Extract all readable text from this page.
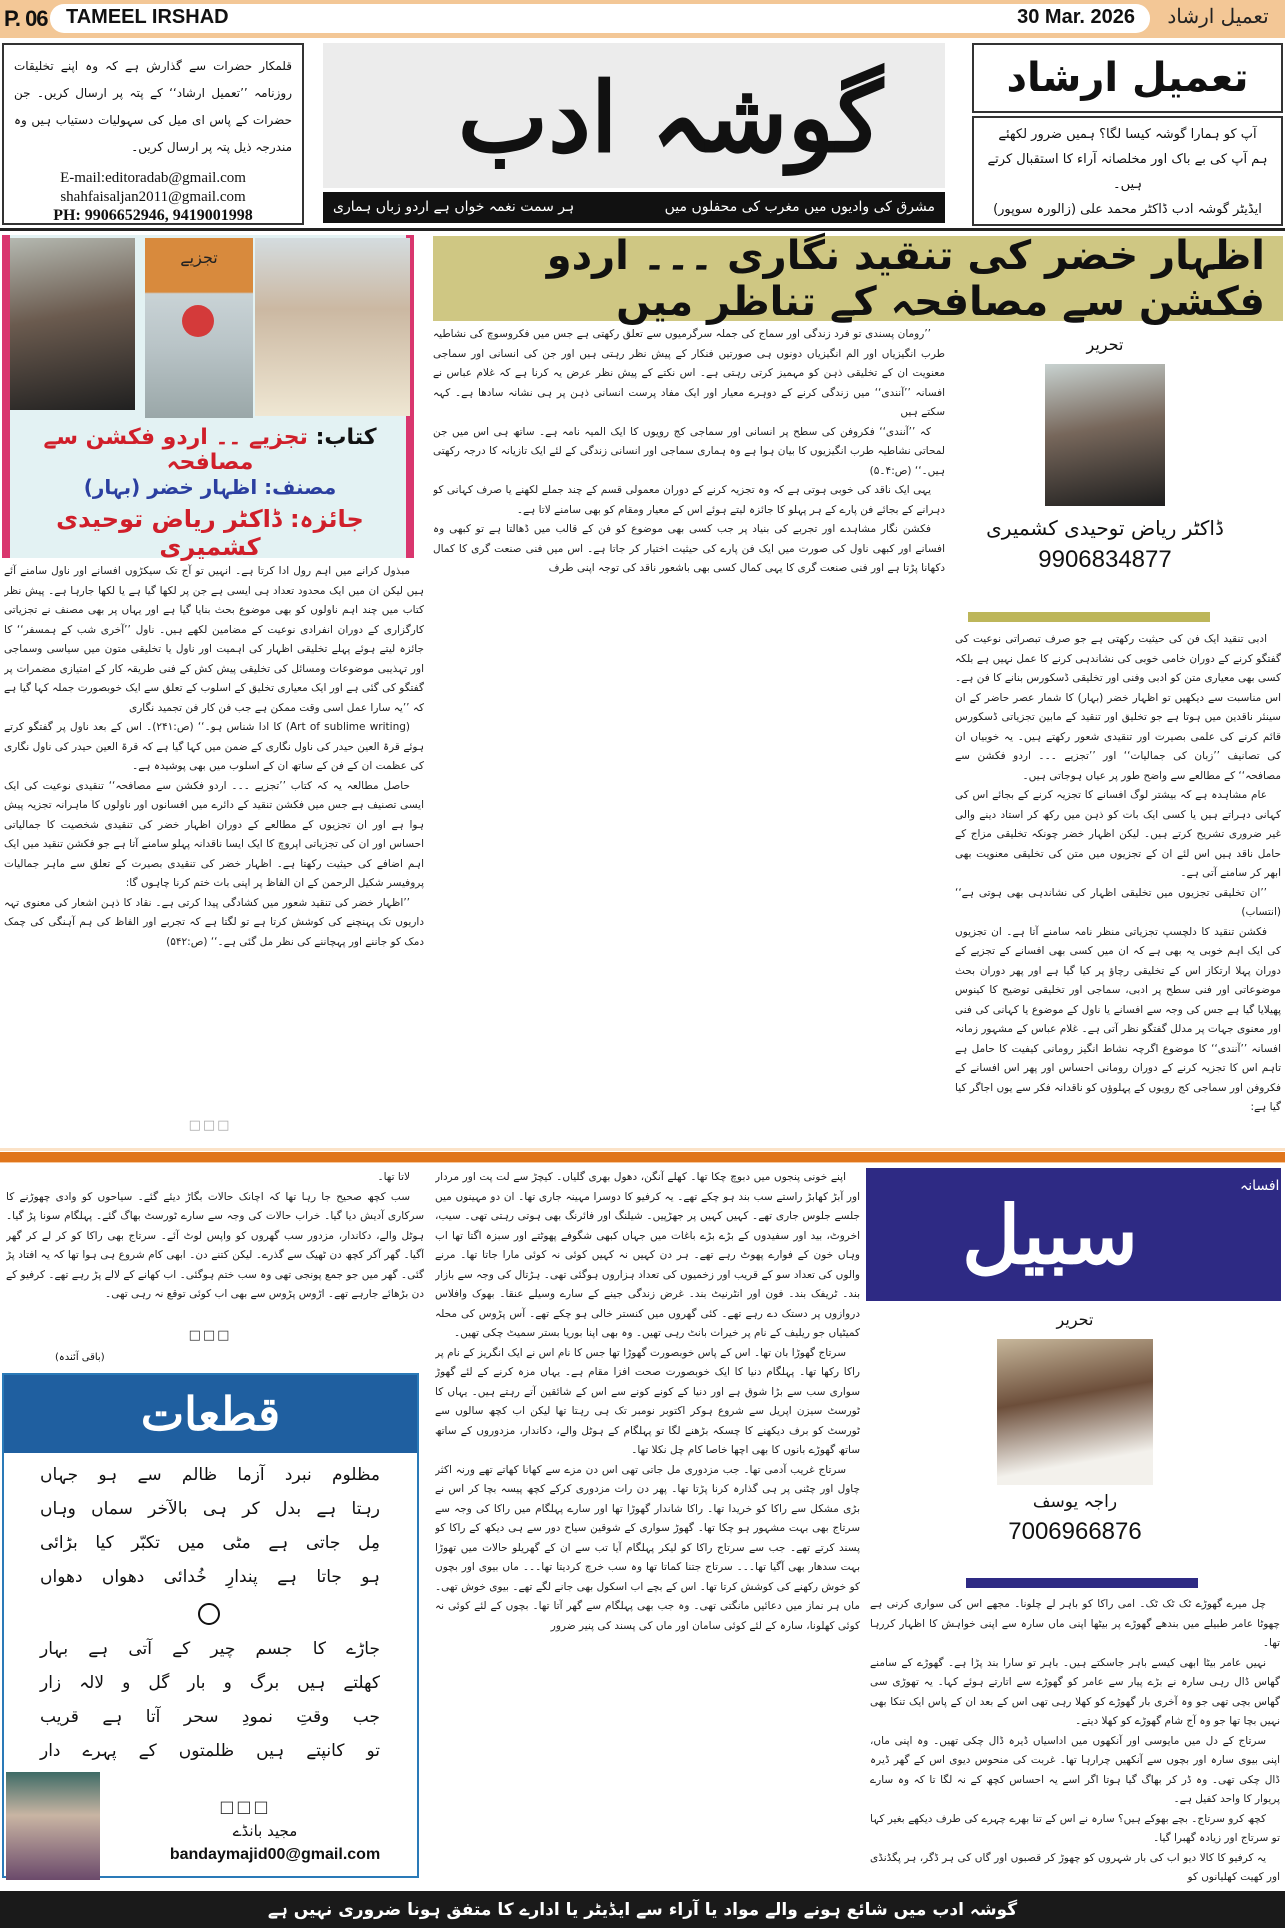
P. 06 TAMEEL IRSHAD	30 Mar. 2026	تعمیل ارشاد
قلمکار حضرات سے گذارش ہے کہ وہ اپنے تخلیقات روزنامہ ’’تعمیل ارشاد‘‘ کے پتہ پر ارسال کریں۔ جن حضرات کے پاس ای میل کی سہولیات دستیاب ہیں وہ مندرجہ ذیل پتہ پر ارسال کریں۔
E-mail:editoradab@gmail.com
shahfaisaljan2011@gmail.com
PH: 9906652946, 9419001998
گوشہ ادب
مشرق کی وادیوں میں مغرب کی محفلوں میں
ہر سمت نغمہ خواں ہے اردو زباں ہماری
تعمیل ارشاد
آپ کو ہمارا گوشہ کیسا لگا؟ ہمیں ضرور لکھئے
ہم آپ کی بے باک اور مخلصانہ آراء کا استقبال کرتے ہیں۔
ایڈیٹر گوشہ ادب ڈاکٹر محمد علی (زالورہ سوپور)
تجزیے
کتاب: تجزیے ۔۔ اردو فکشن سے مصافحہ
مصنف: اظہار خضر (بہار)
جائزہ: ڈاکٹر ریاض توحیدی کشمیری
اظہار خضر کی تنقید نگاری ۔۔۔ اردو فکشن سے مصافحہ کے تناظر میں
تحریر
ڈاکٹر ریاض توحیدی کشمیری
9906834877

ادبی تنقید ایک فن کی حیثیت رکھتی ہے جو صرف تبصراتی نوعیت کی گفتگو کرنے کے دوران خامی خوبی کی نشاندہی کرنے کا عمل نہیں ہے بلکہ کسی بھی معیاری متن کو ادبی وفنی اور تخلیقی ڈسکورس بنانے کا فن ہے۔ اس مناسبت سے دیکھیں تو اظہار خضر (بہار) کا شمار عصر حاضر کے ان سینئر ناقدین میں ہوتا ہے جو تخلیق اور تنقید کے مابین تجزیاتی ڈسکورس قائم کرنے کی علمی بصیرت اور تنقیدی شعور رکھتے ہیں۔ یہ خوبیاں ان کی تصانیف ’’زبان کی جمالیات‘‘ اور ’’تجزیے ۔۔۔ اردو فکشن سے مصافحہ‘‘ کے مطالعے سے واضح طور پر عیاں ہوجاتی ہیں۔

عام مشاہدہ ہے کہ بیشتر لوگ افسانے کا تجزیہ کرنے کے بجائے اس کی کہانی دہراتے ہیں یا کسی ایک بات کو ذہن میں رکھ کر استاد دینے والی غیر ضروری تشریح کرتے ہیں۔ لیکن اظہار خضر چونکہ تخلیقی مزاج کے حامل ناقد ہیں اس لئے ان کے تجزیوں میں متن کی تخلیقی معنویت بھی ابھر کر سامنے آتی ہے۔

’’ان تخلیقی تجزیوں میں تخلیقی اظہار کی نشاندہی بھی ہوتی ہے‘‘ (انتساب)

فکشن تنقید کا دلچسپ تجزیاتی منظر نامہ سامنے آتا ہے۔ ان تجزیوں کی ایک اہم خوبی یہ بھی ہے کہ ان میں کسی بھی افسانے کے تجزیے کے دوران پہلا ارتکاز اس کے تخلیقی رچاؤ پر کیا گیا ہے اور پھر دوران بحث موضوعاتی اور فنی سطح پر ادبی، سماجی اور تخلیقی توضیح کا کینوس پھیلایا گیا ہے جس کی وجہ سے افسانے یا ناول کے موضوع یا کہانی کی فنی اور معنوی جہات پر مدلل گفتگو نظر آتی ہے۔ غلام عباس کے مشہور زمانہ افسانہ ’’آنندی‘‘ کا موضوع اگرچہ نشاط انگیز رومانی کیفیت کا حامل ہے تاہم اس کا تجزیہ کرنے کے دوران رومانی احساس اور پھر اس افسانے کے فکروفن اور سماجی کج رویوں کے پہلوؤں کو ناقدانہ فکر سے یوں اجاگر کیا گیا ہے:

’’رومان پسندی تو فرد زندگی اور سماج کی جملہ سرگرمیوں سے تعلق رکھتی ہے جس میں فکروسوچ کی نشاطیہ طرب انگیزیاں اور الم انگیزیاں دونوں ہی صورتیں فنکار کے پیش نظر رہتی ہیں اور جن کی انسانی اور سماجی معنویت ان کے تخلیقی ذہن کو مہمیز کرتی رہتی ہے۔ اس نکتے کے پیش نظر عرض یہ کرنا ہے کہ غلام عباس نے افسانہ ’’آنندی‘‘ میں زندگی کرنے کے دوہرے معیار اور ایک مفاد پرست انسانی ذہن پر ہی نشانہ سادھا ہے۔ کہہ سکتے ہیں

کہ ’’آنندی‘‘ فکروفن کی سطح پر انسانی اور سماجی کج رویوں کا ایک المیہ نامہ ہے۔ ساتھ ہی اس میں جن لمحاتی نشاطیہ طرب انگیزیوں کا بیان ہوا ہے وہ ہماری سماجی اور انسانی زندگی کے لئے ایک تازیانہ کا درجہ رکھتی ہیں۔‘‘ (ص:۴۔۵)

یہی ایک ناقد کی خوبی ہوتی ہے کہ وہ تجزیہ کرنے کے دوران معمولی قسم کے چند جملے لکھنے یا صرف کہانی کو دہرانے کے بجائے فن پارے کے ہر پہلو کا جائزہ لیتے ہوئے اس کے معیار ومقام کو بھی سامنے لاتا ہے۔

فکشن نگار مشاہدے اور تجربے کی بنیاد پر جب کسی بھی موضوع کو فن کے قالب میں ڈھالتا ہے تو کبھی وہ افسانے اور کبھی ناول کی صورت میں ایک فن پارے کی حیثیت اختیار کر جاتا ہے۔ اس میں فنی صنعت گری کا کمال دکھانا پڑتا ہے اور فنی صنعت گری کا یہی کمال کسی بھی باشعور ناقد کی توجہ اپنی طرف

مبذول کرانے میں اہم رول ادا کرتا ہے۔ انہیں تو آج تک سیکڑوں افسانے اور ناول سامنے آئے ہیں لیکن ان میں ایک محدود تعداد ہی ایسی ہے جن پر لکھا گیا ہے یا لکھا جارہا ہے۔ پیش نظر کتاب میں چند اہم ناولوں کو بھی موضوع بحث بنایا گیا ہے اور یہاں پر بھی مصنف نے تجزیاتی کارگزاری کے دوران انفرادی نوعیت کے مضامین لکھے ہیں۔ ناول ’’آخری شب کے ہمسفر‘‘ کا جائزہ لیتے ہوئے پہلے تخلیقی اظہار کی اہمیت اور ناول یا تخلیقی متون میں سیاسی وسماجی اور تہذیبی موضوعات ومسائل کی تخلیقی پیش کش کے فنی طریقہ کار کے امتیازی مضمرات پر گفتگو کی گئی ہے اور ایک معیاری تخلیق کے اسلوب کے تعلق سے ایک خوبصورت جملہ کہا گیا ہے کہ ’’یہ سارا عمل اسی وقت ممکن ہے جب فن کار فن تجمید نگاری

(Art of sublime writing) کا ادا شناس ہو۔‘‘ (ص:۲۴۱)۔ اس کے بعد ناول پر گفتگو کرتے ہوئے قرۃ العین حیدر کی ناول نگاری کے ضمن میں کہا گیا ہے کہ قرۃ العین حیدر کی ناول نگاری کی عظمت ان کے فن کے ساتھ ان کے اسلوب میں بھی پوشیدہ ہے۔

حاصل مطالعہ یہ کہ کتاب ’’تجزیے ۔۔۔ اردو فکشن سے مصافحہ‘‘ تنقیدی نوعیت کی ایک ایسی تصنیف ہے جس میں فکشن تنقید کے دائرے میں افسانوں اور ناولوں کا ماہرانہ تجزیہ پیش ہوا ہے اور ان تجزیوں کے مطالعے کے دوران اظہار خضر کی تنقیدی شخصیت کا جمالیاتی احساس اور ان کی تجزیاتی اپروچ کا ایک ایسا ناقدانہ پہلو سامنے آتا ہے جو فکشن تنقید میں ایک اہم اضافے کی حیثیت رکھتا ہے۔ اظہار خضر کی تنقیدی بصیرت کے تعلق سے ماہر جمالیات پروفیسر شکیل الرحمن کے ان الفاظ پر اپنی بات ختم کرنا چاہوں گا:

’’اظہار خضر کی تنقید شعور میں کشادگی پیدا کرتی ہے۔ نقاد کا ذہن اشعار کی معنوی تہہ داریوں تک پہنچنے کی کوشش کرتا ہے تو لگتا ہے کہ تجربے اور الفاظ کی ہم آہنگی کی چمک دمک کو جاننے اور پہچاننے کی نظر مل گئی ہے۔‘‘ (ص:۵۴۲)

□□□
افسانہ
سبیل
تحریر
راجہ یوسف
7006966876

چل میرے گھوڑے ٹک ٹک ٹک۔ امی راکا کو باہر لے چلونا۔ مجھے اس کی سواری کرنی ہے چھوٹا عامر طبیلے میں بندھے گھوڑے پر بیٹھا اپنی ماں سارہ سے اپنی خواہش کا اظہار کررہا تھا۔

نہیں عامر بیٹا ابھی کیسے باہر جاسکتے ہیں۔ باہر تو سارا بند پڑا ہے۔ گھوڑے کے سامنے گھاس ڈال رہی سارہ نے بڑے پیار سے عامر کو گھوڑے سے اتارتے ہوئے کہا۔ یہ تھوڑی سی گھاس بچی تھی جو وہ آخری بار گھوڑے کو کھلا رہی تھی اس کے بعد ان کے پاس ایک تنکا بھی نہیں بچا تھا جو وہ آج شام گھوڑے کو کھلا دیتے۔

سرتاج کے دل میں مایوسی اور آنکھوں میں اداسیاں ڈیرہ ڈال چکی تھیں۔ وہ اپنی ماں، اپنی بیوی سارہ اور بچوں سے آنکھیں چرارہا تھا۔ غربت کی منحوس دیوی اس کے گھر ڈیرہ ڈال چکی تھی۔ وہ ڈر کر بھاگ گیا ہوتا اگر اسے یہ احساس کچھ کے نہ لگا تا کہ وہ سارے پریوار کا واحد کفیل ہے۔

کچھ کرو سرتاج۔ بچے بھوکے ہیں؟ سارہ نے اس کے تنا بھرے چہرے کی طرف دیکھے بغیر کہا تو سرتاج اور زیادہ گھبرا گیا۔

یہ کرفیو کا کالا دیو اب کی بار شہروں کو چھوڑ کر قصبوں اور گاں کی ہر ڈگر، ہر پگڈنڈی اور کھیت کھلیانوں کو

اپنے خونی پنجوں میں دبوچ چکا تھا۔ کھلے آنگن، دھول بھری گلیاں۔ کیچڑ سے لت پت اور مردار اور آبڑ کھابڑ راستے سب بند ہو چکے تھے۔ یہ کرفیو کا دوسرا مہینہ جاری تھا۔ ان دو مہینوں میں جلسے جلوس جاری تھے۔ کہیں کہیں پر جھڑپیں۔ شیلنگ اور فائرنگ بھی ہوتی رہتی تھی۔ سیب، اخروٹ، بید اور سفیدوں کے بڑے بڑے باغات میں جہاں کبھی شگوفے پھوٹتے اور سبزہ اگتا تھا اب وہاں خون کے فوارے پھوٹ رہے تھے۔ ہر دن کہیں نہ کہیں کوئی نہ کوئی مارا جاتا تھا۔ مرنے والوں کی تعداد سو کے قریب اور زخمیوں کی تعداد ہزاروں ہوگئی تھی۔ ہڑتال کی وجہ سے بازار بند۔ ٹریفک بند۔ فون اور انٹرنیٹ بند۔ غرض زندگی جینے کے سارے وسیلے عنقا۔ بھوک وافلاس دروازوں پر دستک دے رہے تھے۔ کئی گھروں میں کنستر خالی ہو چکے تھے۔ آس پڑوس کی محلہ کمیٹیاں جو ریلیف کے نام پر خیرات بانٹ رہی تھیں۔ وہ بھی اپنا بوریا بستر سمیٹ چکی تھیں۔

سرتاج گھوڑا بان تھا۔ اس کے پاس خوبصورت گھوڑا تھا جس کا نام اس نے ایک انگریز کے نام پر راکا رکھا تھا۔ پہلگام دنیا کا ایک خوبصورت صحت افزا مقام ہے۔ یہاں مزہ کرنے کے لئے گھوڑ سواری سب سے بڑا شوق ہے اور دنیا کے کونے کونے سے اس کے شائقین آتے رہتے ہیں۔ یہاں کا ٹورسٹ سیزن اپریل سے شروع ہوکر اکتوبر نومبر تک ہی رہتا تھا لیکن اب کچھ سالوں سے ٹورسٹ کو برف دیکھنے کا چسکہ بڑھنے لگا تو پہلگام کے ہوٹل والے، دکاندار، مزدوروں کے ساتھ ساتھ گھوڑے بانوں کا بھی اچھا خاصا کام چل نکلا تھا۔

سرتاج غریب آدمی تھا۔ جب مزدوری مل جاتی تھی اس دن مزے سے کھانا کھاتے تھے ورنہ اکثر چاول اور چٹنی پر ہی گذارہ کرنا پڑتا تھا۔ پھر دن رات مزدوری کرکے کچھ پیسہ بچا کر اس نے بڑی مشکل سے راکا کو خریدا تھا۔ راکا شاندار گھوڑا تھا اور سارے پہلگام میں راکا کی وجہ سے سرتاج بھی بہت مشہور ہو چکا تھا۔ گھوڑ سواری کے شوقین سیاح دور سے ہی دیکھ کے راکا کو پسند کرتے تھے۔ جب سے سرتاج راکا کو لیکر پہلگام آیا تب سے ان کے گھریلو حالات میں تھوڑا بہت سدھار بھی آگیا تھا۔۔۔ سرتاج جتنا کماتا تھا وہ سب خرچ کردیتا تھا۔۔۔ ماں بیوی اور بچوں کو خوش رکھنے کی کوشش کرتا تھا۔ اس کے بچے اب اسکول بھی جانے لگے تھے۔ بیوی خوش تھی۔ ماں ہر نماز میں دعائیں مانگتی تھی۔ وہ جب بھی پہلگام سے گھر آتا تھا۔ بچوں کے لئے کوئی نہ کوئی کھلونا، سارہ کے لئے کوئی سامان اور ماں کی پسند کی پنیر ضرور

لاتا تھا۔

سب کچھ صحیح جا رہا تھا کہ اچانک حالات بگاڑ دیئے گئے۔ سیاحوں کو وادی چھوڑنے کا سرکاری آدیش دیا گیا۔ خراب حالات کی وجہ سے سارے ٹورسٹ بھاگ گئے۔ پہلگام سونا پڑ گیا۔ ہوٹل والے، دکاندار، مزدور سب گھروں کو واپس لوٹ آئے۔ سرتاج بھی راکا کو کر لے کر گھر آگیا۔ گھر آکر کچھ دن ٹھیک سے گذرے۔ لیکن کتنے دن۔ ابھی کام شروع ہی ہوا تھا کہ یہ افتاد پڑ گئی۔ گھر میں جو جمع پونجی تھی وہ سب ختم ہوگئی۔ اب کھانے کے لالے پڑ رہے تھے۔ کرفیو کے دن بڑھائے جارہے تھے۔ اڑوس پڑوس سے بھی اب کوئی توقع نہ رہی تھی۔

□□□
(باقی آئندہ)
قطعات
مظلوم نبرد آزما ظالم سے ہو جہاں
رہتا ہے بدل کر ہی بالآخر سماں وہاں
مِل جاتی ہے مٹی میں تکبّر کیا بڑائی
ہو جاتا ہے پندارِ خُدائی دھواں دھواں
جاڑے کا جسم چیر کے آتی ہے بہار
کھلتے ہیں برگ و بار گل و لالہ زار
جب وقتِ نمودِ سحر آتا ہے قریب
تو کانپتے ہیں ظلمتوں کے پہرے دار
□□□
مجید بانڈے
bandaymajid00@gmail.com
گوشہ ادب میں شائع ہونے والے مواد یا آراء سے ایڈیٹر یا ادارے کا متفق ہونا ضروری نہیں ہے
